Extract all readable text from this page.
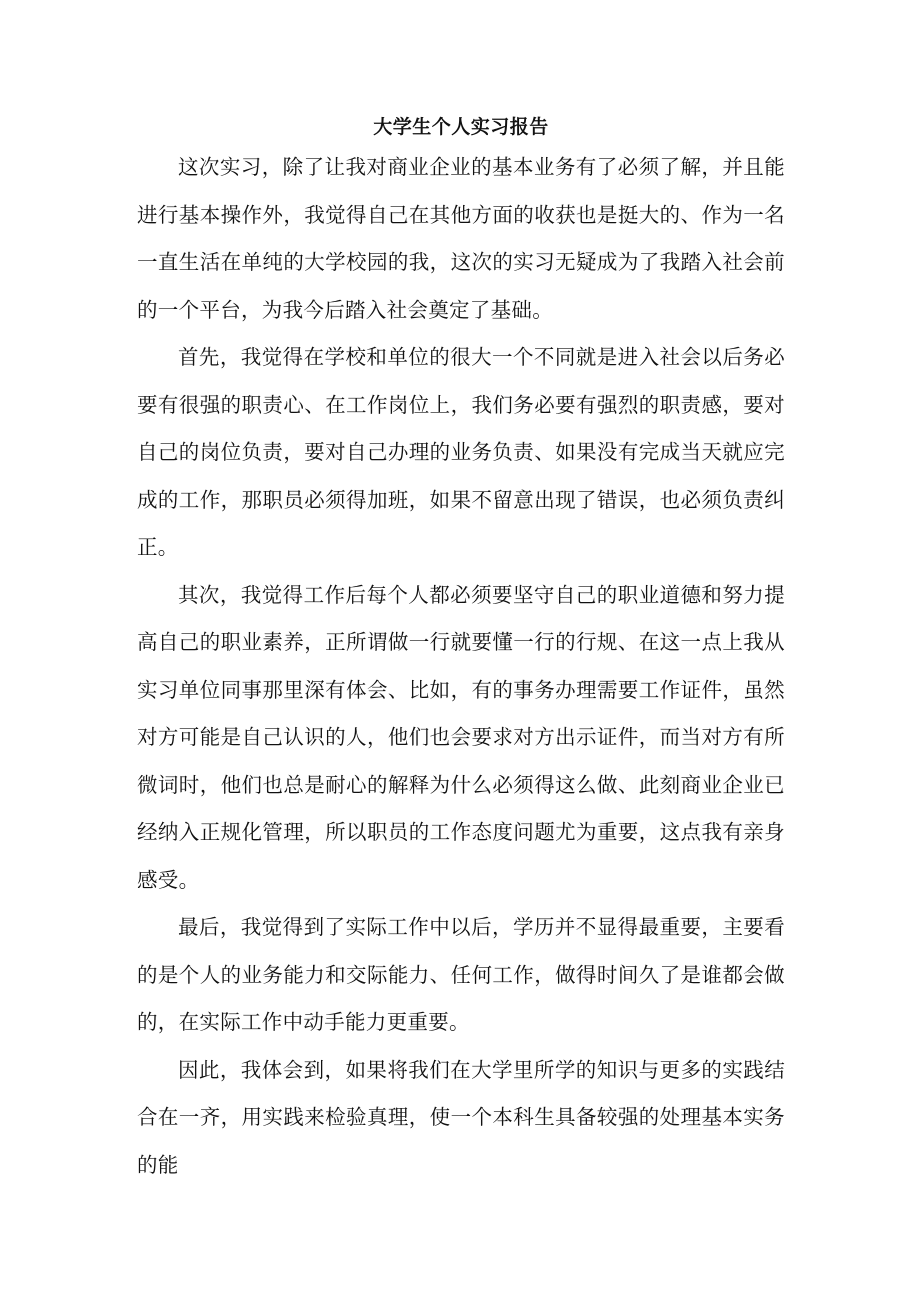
大学生个人实习报告

这次实习，除了让我对商业企业的基本业务有了必须了解，并且能进行基本操作外，我觉得自己在其他方面的收获也是挺大的、作为一名一直生活在单纯的大学校园的我，这次的实习无疑成为了我踏入社会前的一个平台，为我今后踏入社会奠定了基础。

首先，我觉得在学校和单位的很大一个不同就是进入社会以后务必要有很强的职责心、在工作岗位上，我们务必要有强烈的职责感，要对自己的岗位负责，要对自己办理的业务负责、如果没有完成当天就应完成的工作，那职员必须得加班，如果不留意出现了错误，也必须负责纠正。

其次，我觉得工作后每个人都必须要坚守自己的职业道德和努力提高自己的职业素养，正所谓做一行就要懂一行的行规、在这一点上我从实习单位同事那里深有体会、比如，有的事务办理需要工作证件，虽然对方可能是自己认识的人，他们也会要求对方出示证件，而当对方有所微词时，他们也总是耐心的解释为什么必须得这么做、此刻商业企业已经纳入正规化管理，所以职员的工作态度问题尤为重要，这点我有亲身感受。

最后，我觉得到了实际工作中以后，学历并不显得最重要，主要看的是个人的业务能力和交际能力、任何工作，做得时间久了是谁都会做的，在实际工作中动手能力更重要。

因此，我体会到，如果将我们在大学里所学的知识与更多的实践结合在一齐，用实践来检验真理，使一个本科生具备较强的处理基本实务的能
